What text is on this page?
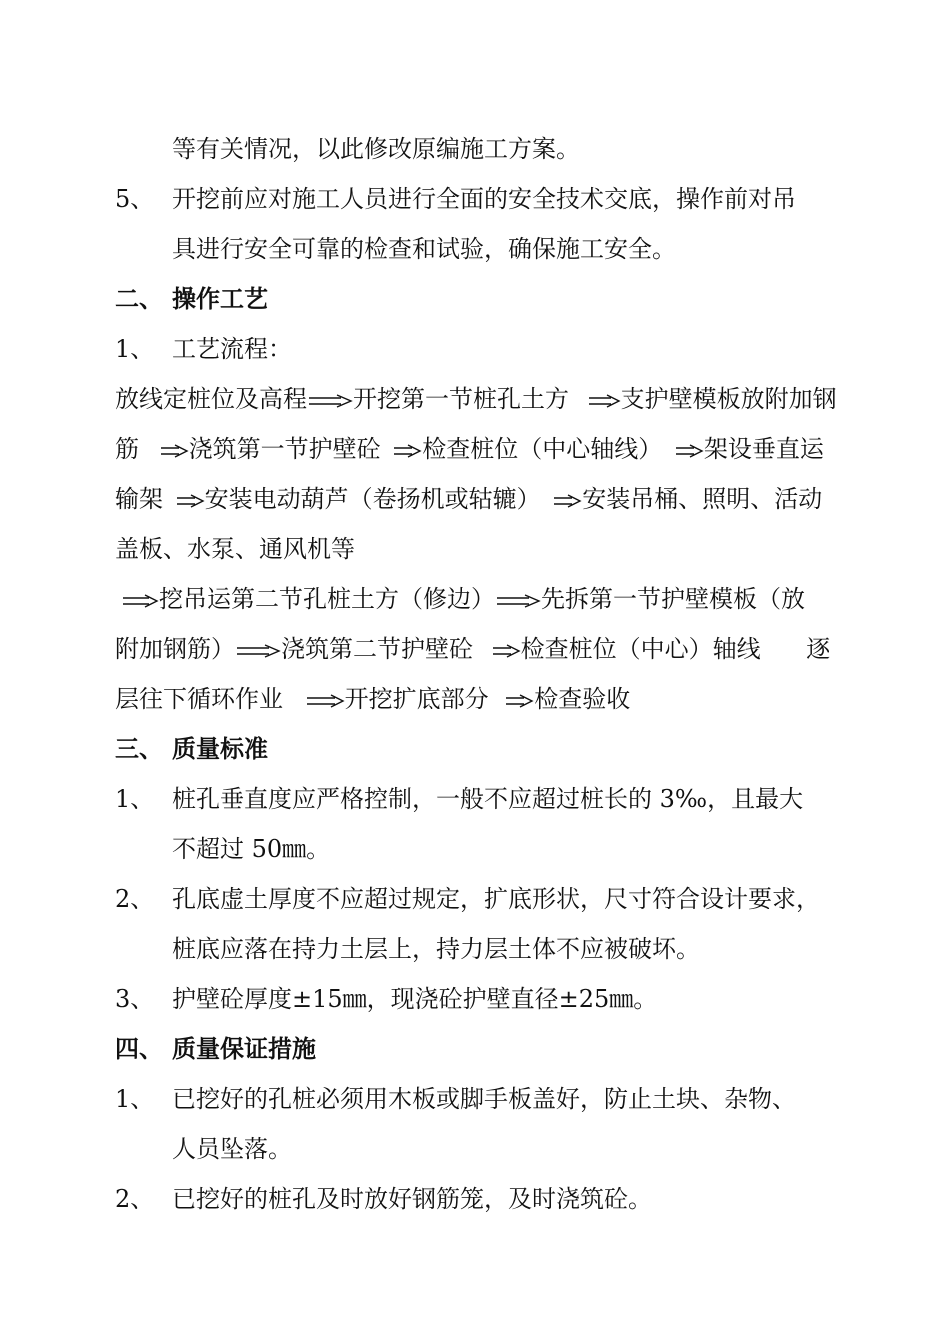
等有关情况，以此修改原编施工方案。
5、 开挖前应对施工人员进行全面的安全技术交底，操作前对吊
具进行安全可靠的检查和试验，确保施工安全。
二、 操作工艺
1、 工艺流程：
放线定桩位及高程 开挖第一节桩孔土方 支护壁模板放附加钢
筋 浇筑第一节护壁砼 检查桩位（中心轴线） 架设垂直运
输架 安装电动葫芦（卷扬机或轱辘） 安装吊桶、照明、活动
盖板、水泵、通风机等
挖吊运第二节孔桩土方（修边） 先拆第一节护壁模板（放
附加钢筋） 浇筑第二节护壁砼 检查桩位（中心）轴线 逐
层往下循环作业	开挖扩底部分 检查验收
三、 质量标准
1、 桩孔垂直度应严格控制，一般不应超过桩长的 3‰，且最大
不超过 50㎜。
2、 孔底虚土厚度不应超过规定，扩底形状，尺寸符合设计要求，
桩底应落在持力土层上，持力层土体不应被破坏。
3、 护壁砼厚度±15㎜，现浇砼护壁直径±25㎜。
四、 质量保证措施
1、 已挖好的孔桩必须用木板或脚手板盖好，防止土块、杂物、
人员坠落。
2、 已挖好的桩孔及时放好钢筋笼，及时浇筑砼。
